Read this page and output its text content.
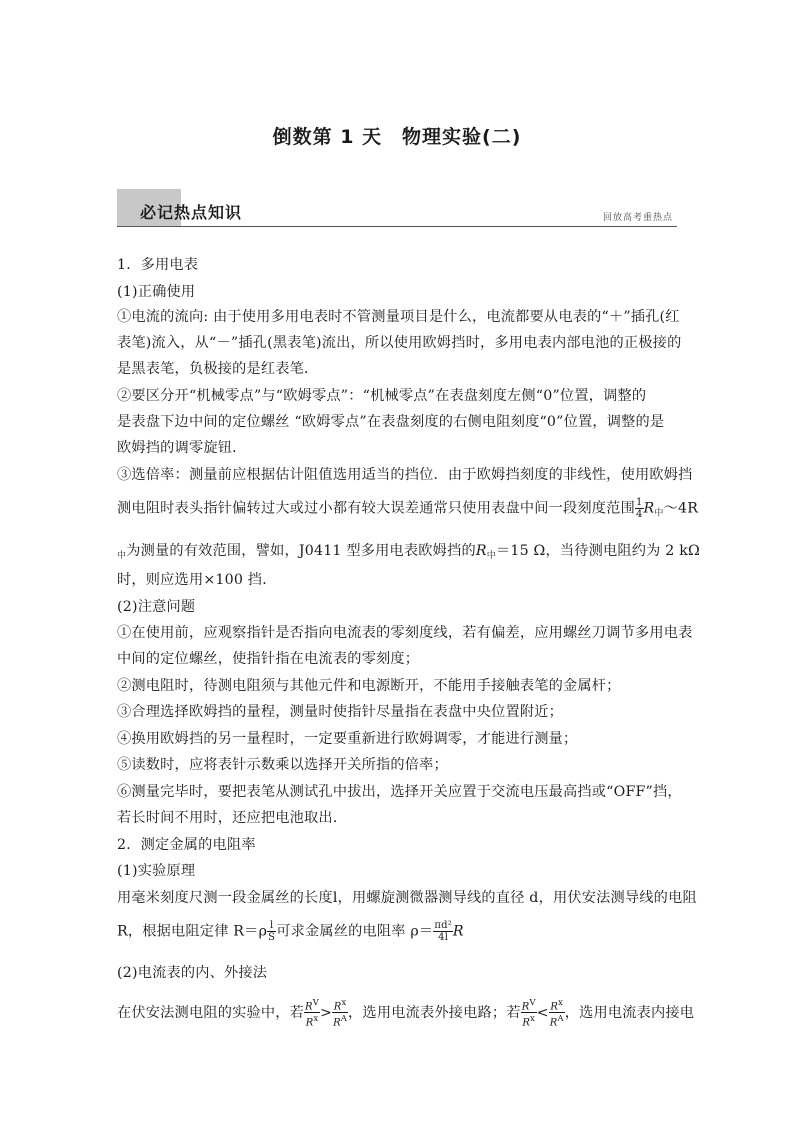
倒数第 1 天　物理实验(二)
必记热点知识	回放高考重热点
1．多用电表
(1)正确使用
①电流的流向: 由于使用多用电表时不管测量项目是什么，电流都要从电表的“＋”插孔(红
表笔)流入，从“－”插孔(黑表笔)流出，所以使用欧姆挡时，多用电表内部电池的正极接的
是黑表笔，负极接的是红表笔．
②要区分开“机械零点”与“欧姆零点”：“机械零点”在表盘刻度左侧“0”位置，调整的
是表盘下边中间的定位螺丝 “欧姆零点”在表盘刻度的右侧电阻刻度“0”位置，调整的是
欧姆挡的调零旋钮．
③选倍率：测量前应根据估计阻值选用适当的挡位．由于欧姆挡刻度的非线性，使用欧姆挡
测电阻时表头指针偏转过大或过小都有较大误差通常只使用表盘中间一段刻度范围 $\frac{1}{4}$ $R_中\sim 4R$
$_中$为测量的有效范围，譬如，J0411 型多用电表欧姆挡的$R_中=15$ Ω，当待测电阻约为 2 kΩ
时，则应选用×100 挡．
(2)注意问题
①在使用前，应观察指针是否指向电流表的零刻度线，若有偏差，应用螺丝刀调节多用电表
中间的定位螺丝，使指针指在电流表的零刻度；
②测电阻时，待测电阻须与其他元件和电源断开，不能用手接触表笔的金属杆；
③合理选择欧姆挡的量程，测量时使指针尽量指在表盘中央位置附近；
④换用欧姆挡的另一量程时，一定要重新进行欧姆调零，才能进行测量；
⑤读数时，应将表针示数乘以选择开关所指的倍率；
⑥测量完毕时，要把表笔从测试孔中拔出，选择开关应置于交流电压最高挡或“OFF”挡，
若长时间不用时，还应把电池取出．
2．测定金属的电阻率
(1)实验原理
用毫米刻度尺测一段金属丝的长度l，用螺旋测微器测导线的直径 d，用伏安法测导线的电阻
R，根据电阻定律 $R=\rho \frac{l}{S}$ 可求金属丝的电阻率 $\rho= \frac{\text{πd²}}{4l}$ R
(2)电流表的内、外接法
在伏安法测电阻的实验中，若 $\frac{R^V}{R^x} > \frac{R^x}{R^A}$ ，选用电流表外接电路；若 $\frac{R^V}{R^x} < \frac{R^x}{R^A}$ ，选用电流表内接电
